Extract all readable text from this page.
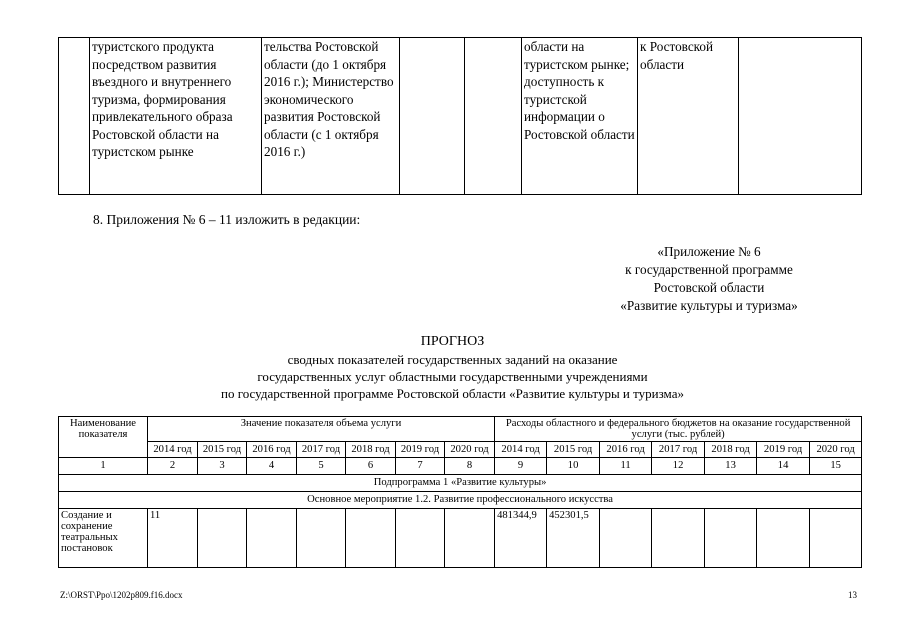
	туристского продукта посредством развития въездного и внутреннего туризма, формирования привлекательного образа Ростовской области на туристском рынке	тельства Ростовской области (до 1 октября 2016 г.); Министерство экономического развития Ростовской области (с 1 октября 2016 г.)			области на туристском рынке; доступность к туристской информации о Ростовской области	к Ростовской области	
8. Приложения № 6 – 11 изложить в редакции:
«Приложение № 6
к государственной программе
Ростовской области
«Развитие культуры и туризма»
ПРОГНОЗ
сводных показателей государственных заданий на оказание
государственных услуг областными государственными учреждениями
по государственной программе Ростовской области «Развитие культуры и туризма»
Наименование показателя	Значение показателя объема услуги							Расходы областного и федерального бюджетов на оказание государственной услуги (тыс. рублей)						
	2014 год	2015 год	2016 год	2017 год	2018 год	2019 год	2020 год	2014 год	2015 год	2016 год	2017 год	2018 год	2019 год	2020 год
1	2	3	4	5	6	7	8	9	10	11	12	13	14	15
Подпрограмма 1 «Развитие культуры»														
Основное мероприятие 1.2. Развитие профессионального искусства														
Создание и сохранение театральных постановок	11							481344,9	452301,5					
Z:\ORST\Ppo\1202p809.f16.docx	13
